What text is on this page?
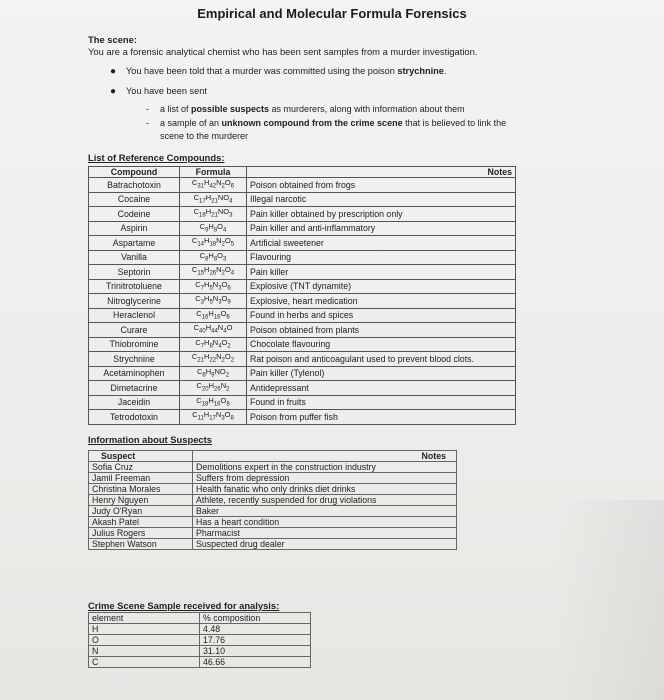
Empirical and Molecular Formula Forensics
The scene:
You are a forensic analytical chemist who has been sent samples from a murder investigation.
● You have been told that a murder was committed using the poison strychnine.
● You have been sent
- a list of possible suspects as murderers, along with information about them
- a sample of an unknown compound from the crime scene that is believed to link the
scene to the murderer
List of Reference Compounds:
Compound	Formula	Notes
Batrachotoxin	$C_{31}H_{42}N_2O_6$	Poison obtained from frogs
Cocaine	$C_{17}H_{21}NO_4$	Illegal narcotic
Codeine	$C_{18}H_{21}NO_3$	Pain killer obtained by prescription only
Aspirin	$C_9H_8O_4$	Pain killer and anti-inflammatory
Aspartame	$C_{14}H_{18}N_2O_5$	Artificial sweetener
Vanilla	$C_8H_8O_3$	Flavouring
Septorin	$C_{15}H_{26}N_2O_4$	Pain killer
Trinitrotoluene	$C_7H_5N_3O_6$	Explosive (TNT dynamite)
Nitroglycerine	$C_3H_5N_3O_9$	Explosive, heart medication
Heraclenol	$C_{16}H_{16}O_6$	Found in herbs and spices
Curare	$C_{40}H_{44}N_4O$	Poison obtained from plants
Thiobromine	$C_7H_8N_4O_2$	Chocolate flavouring
Strychnine	$C_{21}H_{22}N_2O_2$	Rat poison and anticoagulant used to prevent blood clots.
Acetaminophen	$C_8H_9NO_2$	Pain killer (Tylenol)
Dimetacrine	$C_{20}H_{26}N_2$	Antidepressant
Jaceidin	$C_{18}H_{16}O_8$	Found in fruits
Tetrodotoxin	$C_{11}H_{17}N_3O_8$	Poison from puffer fish
Information about Suspects
Suspect	Notes
Sofia Cruz	Demolitions expert in the construction industry
Jamil Freeman	Suffers from depression
Christina Morales	Health fanatic who only drinks diet drinks
Henry Nguyen	Athlete, recently suspended for drug violations
Judy O'Ryan	Baker
Akash Patel	Has a heart condition
Julius Rogers	Pharmacist
Stephen Watson	Suspected drug dealer
Crime Scene Sample received for analysis:
element	% composition
H	4.48
O	17.76
N	31.10
C	46.66
